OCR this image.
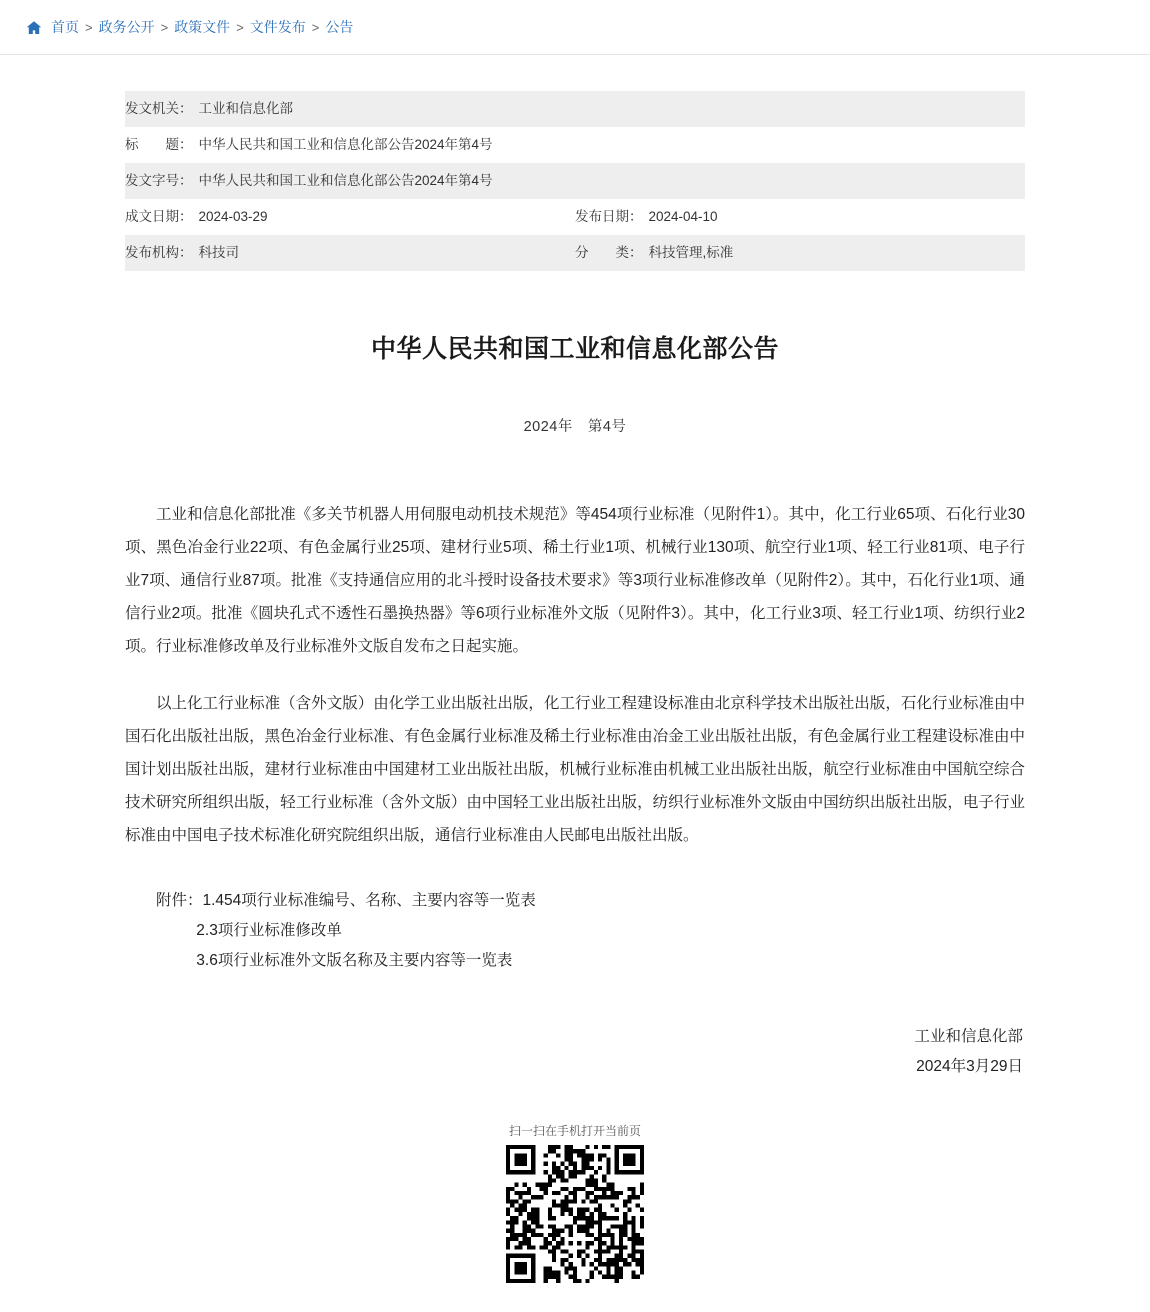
首页 > 政务公开 > 政策文件 > 文件发布 > 公告
发文机关： 工业和信息化部	

标　　题： 中华人民共和国工业和信息化部公告2024年第4号	

发文字号： 中华人民共和国工业和信息化部公告2024年第4号	

成文日期： 2024-03-29	发布日期： 2024-04-10

发布机构： 科技司	分　　类： 科技管理,标准
中华人民共和国工业和信息化部公告
2024年　第4号

工业和信息化部批准《多关节机器人用伺服电动机技术规范》等454项行业标准（见附件1）。其中，化工行业65项、石化行业30项、黑色冶金行业22项、有色金属行业25项、建材行业5项、稀土行业1项、机械行业130项、航空行业1项、轻工行业81项、电子行业7项、通信行业87项。批准《支持通信应用的北斗授时设备技术要求》等3项行业标准修改单（见附件2）。其中，石化行业1项、通信行业2项。批准《圆块孔式不透性石墨换热器》等6项行业标准外文版（见附件3）。其中，化工行业3项、轻工行业1项、纺织行业2项。行业标准修改单及行业标准外文版自发布之日起实施。

以上化工行业标准（含外文版）由化学工业出版社出版，化工行业工程建设标准由北京科学技术出版社出版，石化行业标准由中国石化出版社出版，黑色冶金行业标准、有色金属行业标准及稀土行业标准由冶金工业出版社出版，有色金属行业工程建设标准由中国计划出版社出版，建材行业标准由中国建材工业出版社出版，机械行业标准由机械工业出版社出版，航空行业标准由中国航空综合技术研究所组织出版，轻工行业标准（含外文版）由中国轻工业出版社出版，纺织行业标准外文版由中国纺织出版社出版，电子行业标准由中国电子技术标准化研究院组织出版，通信行业标准由人民邮电出版社出版。

附件：1.454项行业标准编号、名称、主要内容等一览表
2.3项行业标准修改单
3.6项行业标准外文版名称及主要内容等一览表
工业和信息化部
2024年3月29日
扫一扫在手机打开当前页
